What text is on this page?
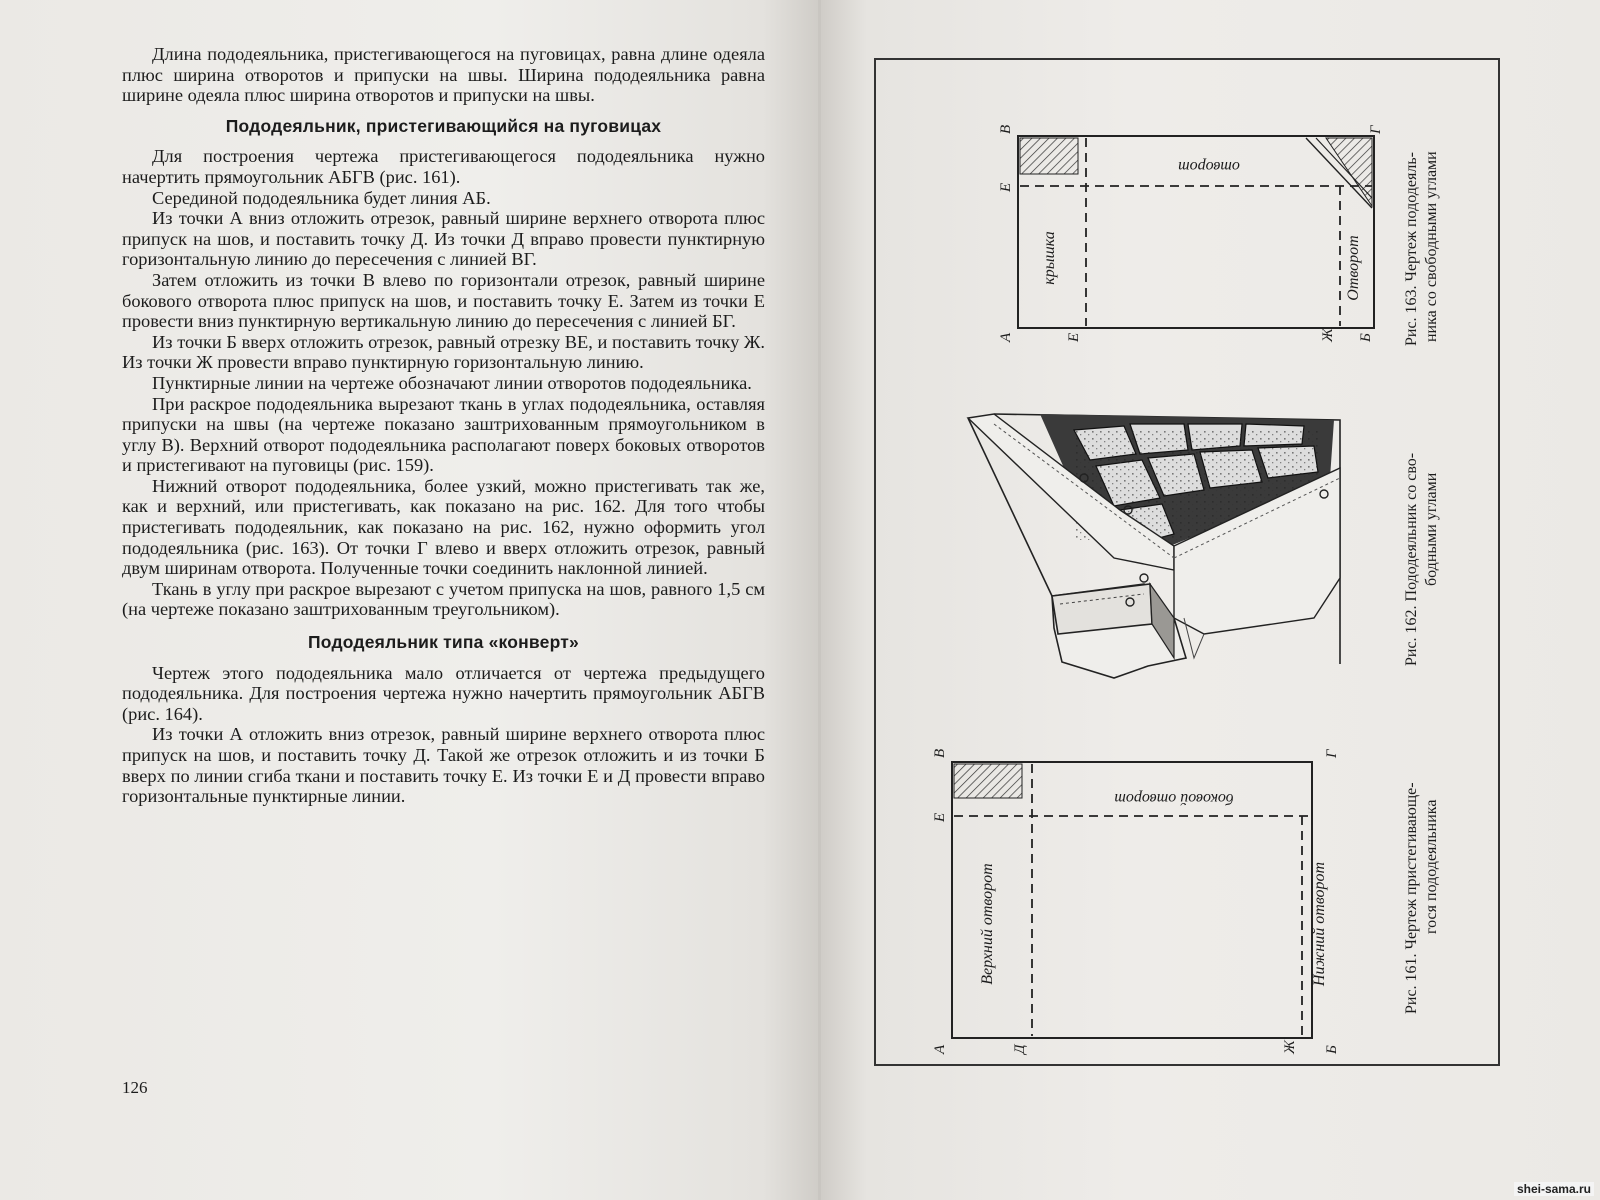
Длина пододеяльника, пристегивающегося на пуговицах, равна длине одеяла плюс ширина отворотов и припуски на швы. Ширина пододеяльника равна ширине одеяла плюс ширина отворотов и припуски на швы.

Пододеяльник, пристегивающийся на пуговицах

Для построения чертежа пристегивающегося пододеяльника нужно начертить прямоугольник АБГВ (рис. 161).

Серединой пододеяльника будет линия АБ.

Из точки А вниз отложить отрезок, равный ширине верхнего отворота плюс припуск на шов, и поставить точку Д. Из точки Д вправо провести пунктирную горизонтальную линию до пересечения с линией ВГ.

Затем отложить из точки В влево по горизонтали отрезок, равный ширине бокового отворота плюс припуск на шов, и поставить точку Е. Затем из точки Е провести вниз пунктирную вертикальную линию до пересечения с линией БГ.

Из точки Б вверх отложить отрезок, равный отрезку ВЕ, и поставить точку Ж. Из точки Ж провести вправо пунктирную горизонтальную линию.

Пунктирные линии на чертеже обозначают линии отворотов пододеяльника.

При раскрое пододеяльника вырезают ткань в углах пододеяльника, оставляя припуски на швы (на чертеже показано заштрихованным прямоугольником в углу В). Верхний отворот пододеяльника располагают поверх боковых отворотов и пристегивают на пуговицы (рис. 159).

Нижний отворот пододеяльника, более узкий, можно пристегивать так же, как и верхний, или пристегивать, как показано на рис. 162. Для того чтобы пристегивать пододеяльник, как показано на рис. 162, нужно оформить угол пододеяльника (рис. 163). От точки Г влево и вверх отложить отрезок, равный двум ширинам отворота. Полученные точки соединить наклонной линией.

Ткань в углу при раскрое вырезают с учетом припуска на шов, равного 1,5 см (на чертеже показано заштрихованным треугольником).

Пододеяльник типа «конверт»

Чертеж этого пододеяльника мало отличается от чертежа предыдущего пододеяльника. Для построения чертежа нужно начертить прямоугольник АБГВ (рис. 164).

Из точки А отложить вниз отрезок, равный ширине верхнего отворота плюс припуск на шов, и поставить точку Д. Такой же отрезок отложить и из точки Б вверх по линии сгиба ткани и поставить точку Е. Из точки Е и Д провести вправо горизонтальные пунктирные линии.

126
отворот
крышка	Отворот
А	Е	Ж Б
В
Е
Г
боковой отворот
Верхний отворот	Нижний отворот
А	Д	Ж Б
В
Е
Г
Рис. 163. Чертеж пододеяль- ника со свободными углами
Рис. 162. Пододеяльник со сво- бодными углами
Рис. 161. Чертеж пристегивающе- гося пододеяльника
shei-sama.ru
